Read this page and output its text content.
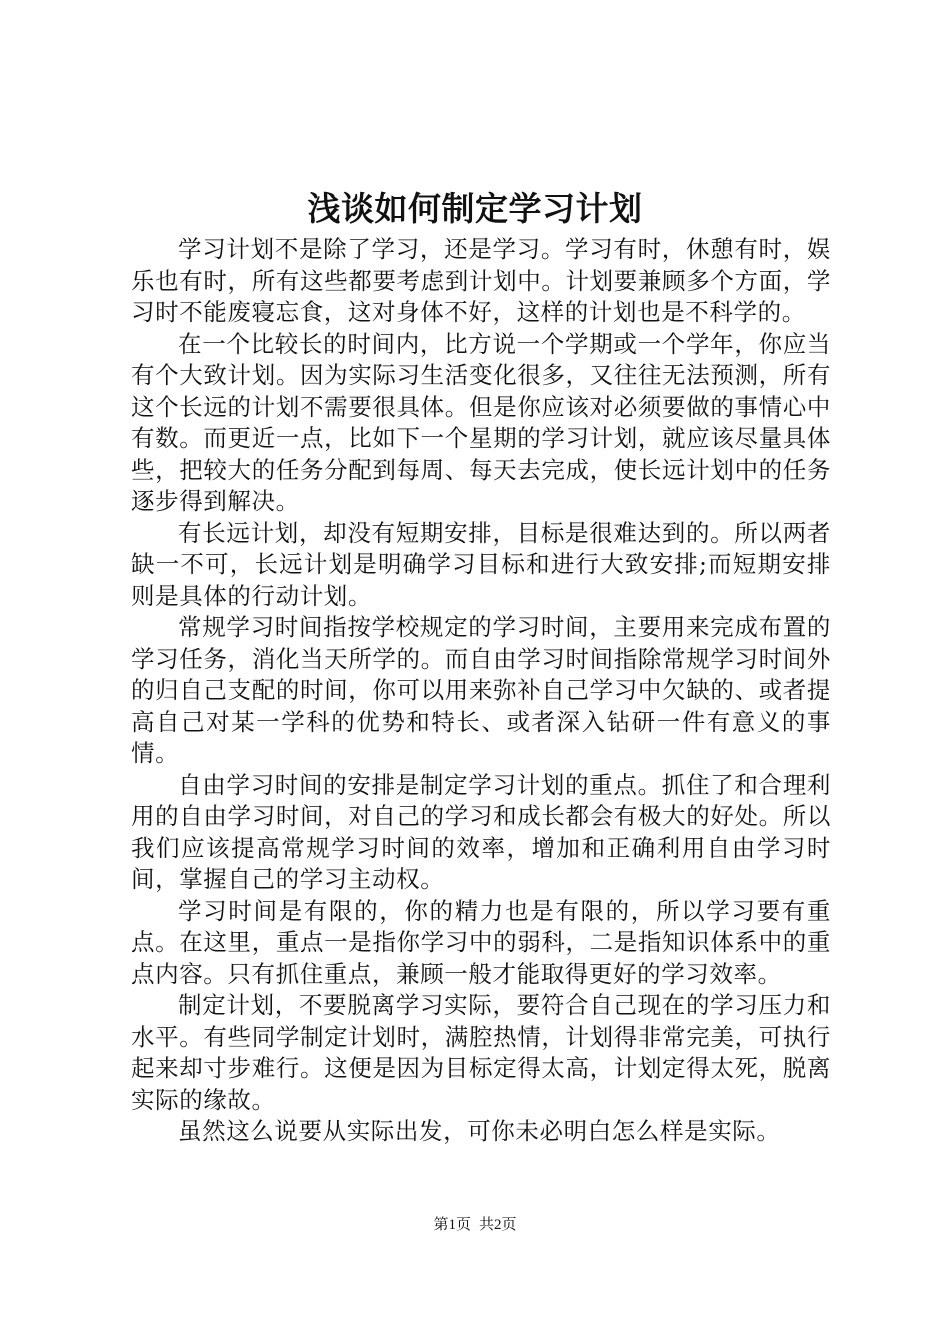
浅谈如何制定学习计划

学习计划不是除了学习，还是学习。学习有时，休憩有时，娱乐也有时，所有这些都要考虑到计划中。计划要兼顾多个方面，学习时不能废寝忘食，这对身体不好，这样的计划也是不科学的。

在一个比较长的时间内，比方说一个学期或一个学年，你应当有个大致计划。因为实际习生活变化很多，又往往无法预测，所有这个长远的计划不需要很具体。但是你应该对必须要做的事情心中有数。而更近一点，比如下一个星期的学习计划，就应该尽量具体些，把较大的任务分配到每周、每天去完成，使长远计划中的任务逐步得到解决。

有长远计划，却没有短期安排，目标是很难达到的。所以两者缺一不可，长远计划是明确学习目标和进行大致安排;而短期安排则是具体的行动计划。

常规学习时间指按学校规定的学习时间，主要用来完成布置的学习任务，消化当天所学的。而自由学习时间指除常规学习时间外的归自己支配的时间，你可以用来弥补自己学习中欠缺的、或者提高自己对某一学科的优势和特长、或者深入钻研一件有意义的事情。

自由学习时间的安排是制定学习计划的重点。抓住了和合理利用的自由学习时间，对自己的学习和成长都会有极大的好处。所以我们应该提高常规学习时间的效率，增加和正确利用自由学习时间，掌握自己的学习主动权。

学习时间是有限的，你的精力也是有限的，所以学习要有重点。在这里，重点一是指你学习中的弱科，二是指知识体系中的重点内容。只有抓住重点，兼顾一般才能取得更好的学习效率。

制定计划，不要脱离学习实际，要符合自己现在的学习压力和水平。有些同学制定计划时，满腔热情，计划得非常完美，可执行起来却寸步难行。这便是因为目标定得太高，计划定得太死，脱离实际的缘故。

虽然这么说要从实际出发，可你未必明白怎么样是实际。

第1页 共2页
